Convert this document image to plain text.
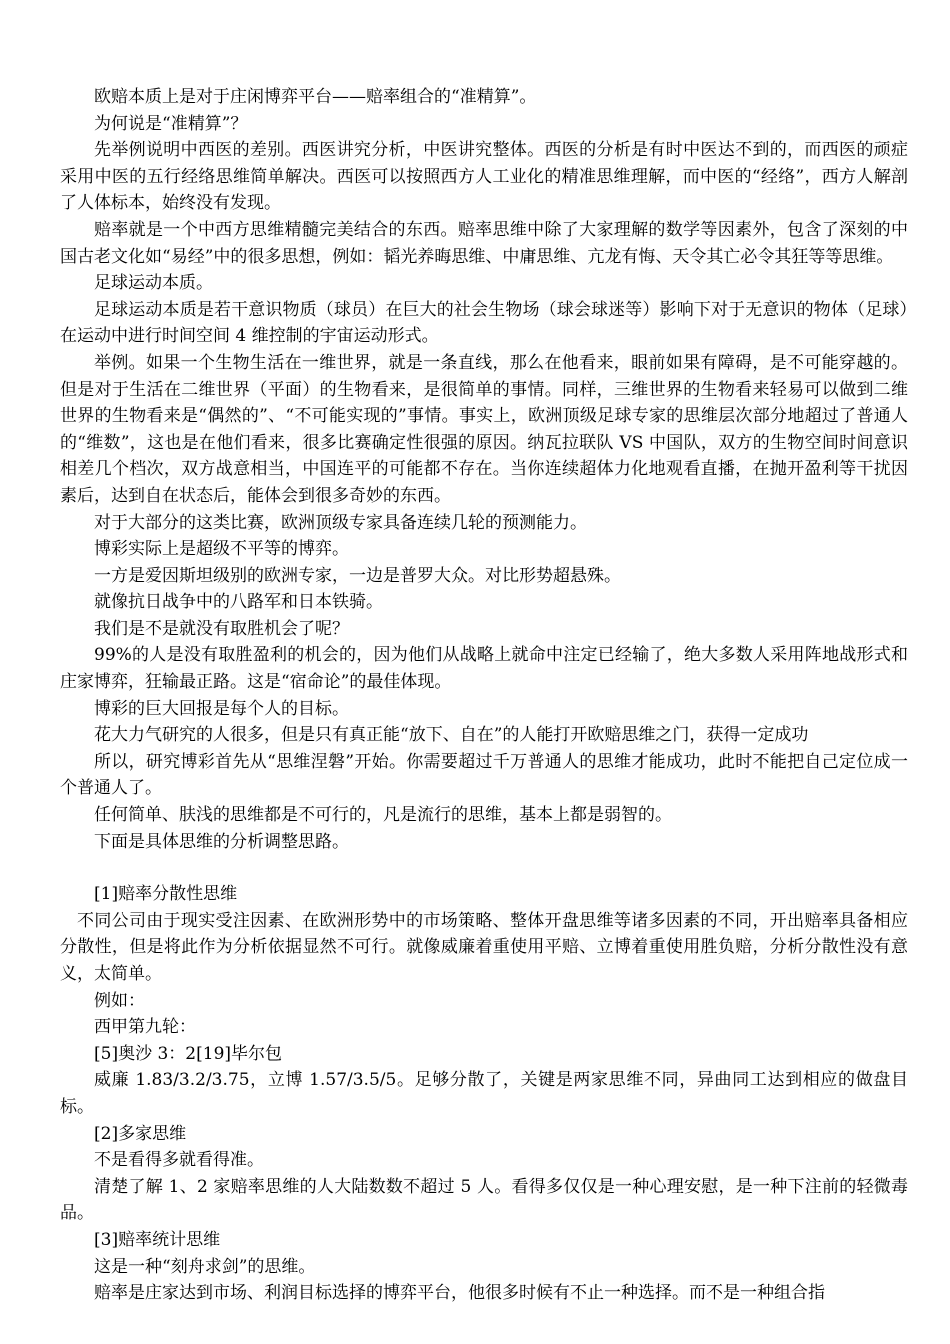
欧赔本质上是对于庄闲博弈平台——赔率组合的“准精算”。

为何说是“准精算”？

先举例说明中西医的差别。西医讲究分析，中医讲究整体。西医的分析是有时中医达不到的，而西医的顽症采用中医的五行经络思维简单解决。西医可以按照西方人工业化的精准思维理解，而中医的“经络”，西方人解剖了人体标本，始终没有发现。

赔率就是一个中西方思维精髓完美结合的东西。赔率思维中除了大家理解的数学等因素外，包含了深刻的中国古老文化如“易经”中的很多思想，例如：韬光养晦思维、中庸思维、亢龙有悔、天令其亡必令其狂等等思维。

足球运动本质。

足球运动本质是若干意识物质（球员）在巨大的社会生物场（球会球迷等）影响下对于无意识的物体（足球）在运动中进行时间空间 4 维控制的宇宙运动形式。

举例。如果一个生物生活在一维世界，就是一条直线，那么在他看来，眼前如果有障碍，是不可能穿越的。但是对于生活在二维世界（平面）的生物看来，是很简单的事情。同样，三维世界的生物看来轻易可以做到二维世界的生物看来是“偶然的”、“不可能实现的”事情。事实上，欧洲顶级足球专家的思维层次部分地超过了普通人的“维数”，这也是在他们看来，很多比赛确定性很强的原因。纳瓦拉联队 VS 中国队，双方的生物空间时间意识相差几个档次，双方战意相当，中国连平的可能都不存在。当你连续超体力化地观看直播，在抛开盈利等干扰因素后，达到自在状态后，能体会到很多奇妙的东西。

对于大部分的这类比赛，欧洲顶级专家具备连续几轮的预测能力。

博彩实际上是超级不平等的博弈。

一方是爱因斯坦级别的欧洲专家，一边是普罗大众。对比形势超悬殊。

就像抗日战争中的八路军和日本铁骑。

我们是不是就没有取胜机会了呢？

99%的人是没有取胜盈利的机会的，因为他们从战略上就命中注定已经输了，绝大多数人采用阵地战形式和庄家博弈，狂输最正路。这是“宿命论”的最佳体现。

博彩的巨大回报是每个人的目标。

花大力气研究的人很多，但是只有真正能“放下、自在”的人能打开欧赔思维之门，获得一定成功

所以，研究博彩首先从“思维涅磐”开始。你需要超过千万普通人的思维才能成功，此时不能把自己定位成一个普通人了。

任何简单、肤浅的思维都是不可行的，凡是流行的思维，基本上都是弱智的。

下面是具体思维的分析调整思路。

[1]赔率分散性思维

不同公司由于现实受注因素、在欧洲形势中的市场策略、整体开盘思维等诸多因素的不同，开出赔率具备相应分散性，但是将此作为分析依据显然不可行。就像威廉着重使用平赔、立博着重使用胜负赔，分析分散性没有意义，太简单。

例如：

西甲第九轮：

[5]奥沙 3：2[19]毕尔包

威廉 1.83/3.2/3.75，立博 1.57/3.5/5。足够分散了，关键是两家思维不同，异曲同工达到相应的做盘目标。

[2]多家思维

不是看得多就看得准。

清楚了解 1、2 家赔率思维的人大陆数数不超过 5 人。看得多仅仅是一种心理安慰，是一种下注前的轻微毒品。

[3]赔率统计思维

这是一种“刻舟求剑”的思维。

赔率是庄家达到市场、利润目标选择的博弈平台，他很多时候有不止一种选择。而不是一种组合指
